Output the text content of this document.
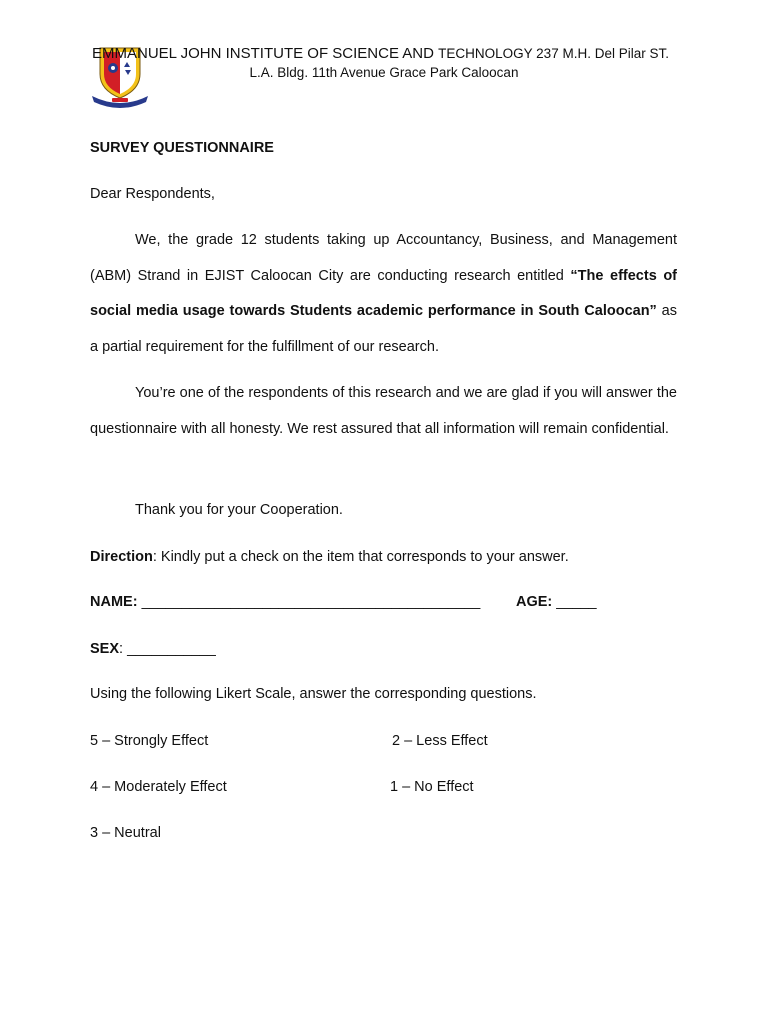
EMMANUEL JOHN INSTITUTE OF SCIENCE AND TECHNOLOGY 237 M.H. Del Pilar ST.
L.A. Bldg. 11th Avenue Grace Park Caloocan
SURVEY QUESTIONNAIRE
Dear Respondents,
We, the grade 12 students taking up Accountancy, Business, and Management (ABM) Strand in EJIST Caloocan City are conducting research entitled “The effects of social media usage towards Students academic performance in South Caloocan” as a partial requirement for the fulfillment of our research.
You’re one of the respondents of this research and we are glad if you will answer the questionnaire with all honesty. We rest assured that all information will remain confidential.
Thank you for your Cooperation.
Direction: Kindly put a check on the item that corresponds to your answer.
NAME: __________________________________________ AGE: _____
SEX: ___________
Using the following Likert Scale, answer the corresponding questions.
5 – Strongly Effect	2 – Less Effect
4 – Moderately Effect	1 – No Effect
3 – Neutral
